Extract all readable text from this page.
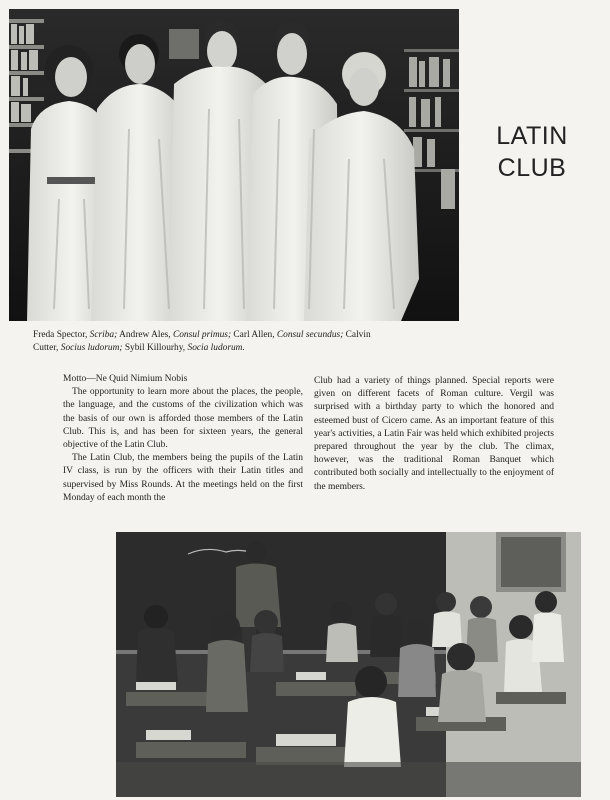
LATIN
CLUB
Freda Spector, Scriba; Andrew Ales, Consul primus; Carl Allen, Consul secundus; Calvin Cutter, Socius ludorum; Sybil Killourhy, Socia ludorum.

Motto—Ne Quid Nimium Nobis

The opportunity to learn more about the places, the people, the language, and the customs of the civilization which was the basis of our own is afforded those members of the Latin Club. This is, and has been for sixteen years, the general objective of the Latin Club.

The Latin Club, the members being the pupils of the Latin IV class, is run by the officers with their Latin titles and supervised by Miss Rounds. At the meetings held on the first Monday of each month the

Club had a variety of things planned. Special reports were given on different facets of Roman culture. Vergil was surprised with a birthday party to which the honored and esteemed bust of Cicero came. As an important feature of this year's activities, a Latin Fair was held which exhibited projects prepared throughout the year by the club. The climax, however, was the traditional Roman Banquet which contributed both socially and intellectually to the enjoyment of the members.
